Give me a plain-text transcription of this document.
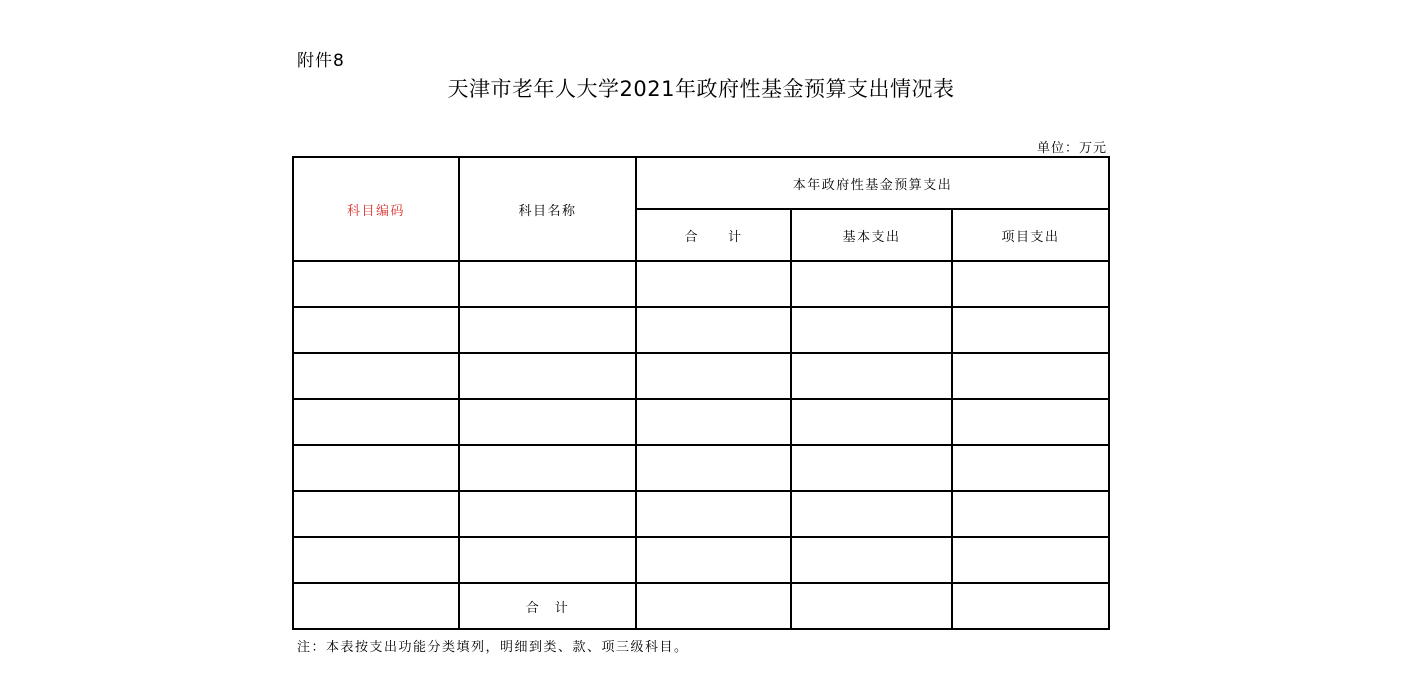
附件8
天津市老年人大学2021年政府性基金预算支出情况表
单位：万元
科目编码	科目名称	本年政府性基金预算支出		
		合　　计	基本支出	项目支出

	合　计			
注：本表按支出功能分类填列，明细到类、款、项三级科目。
